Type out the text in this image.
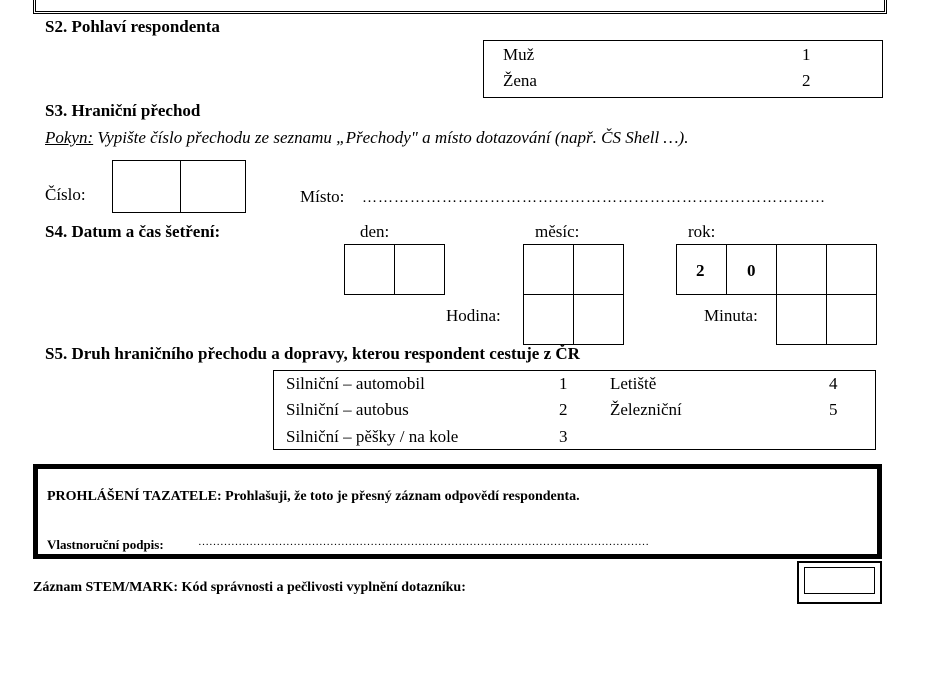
S2. Pohlaví respondenta
Muž	1
Žena	2
S3. Hraniční přechod
Pokyn: Vypište číslo přechodu ze seznamu „Přechody" a místo dotazování (např. ČS Shell …).
Číslo:	Místo: ……………………………………………………………………………
S4. Datum a čas šetření:	den:	měsíc:	rok:
2	0
Hodina:	Minuta:
S5. Druh hraničního přechodu a dopravy, kterou respondent cestuje z ČR
Silniční – automobil	1
Silniční – autobus	2
Silniční – pěšky / na kole	3
Letiště	4
Železniční	5
PROHLÁŠENÍ TAZATELE: Prohlašuji, že toto je přesný záznam odpovědí respondenta.
Vlastnoruční podpis:	……………………………………………………………………………………………………………
Záznam STEM/MARK: Kód správnosti a pečlivosti vyplnění dotazníku:
